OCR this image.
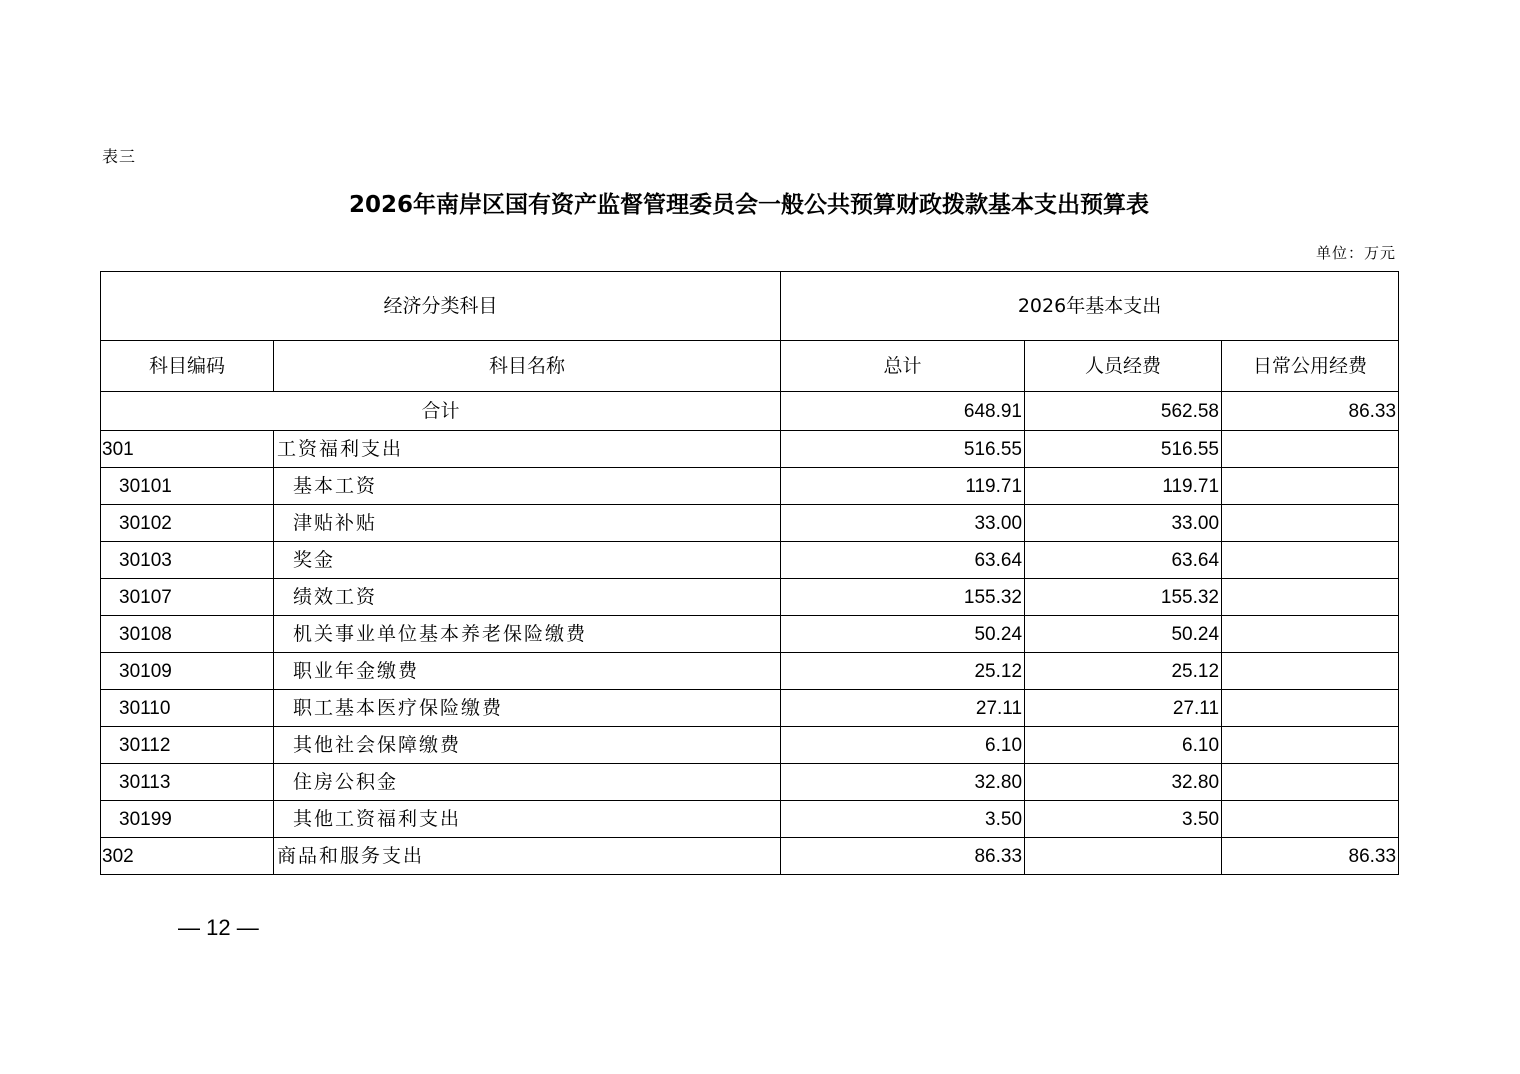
表三
2026年南岸区国有资产监督管理委员会一般公共预算财政拨款基本支出预算表
单位：万元
经济分类科目		2026年基本支出		
科目编码	科目名称	总计	人员经费	日常公用经费
合计		648.91	562.58	86.33
301	工资福利支出	516.55	516.55	
30101	基本工资	119.71	119.71	
30102	津贴补贴	33.00	33.00	
30103	奖金	63.64	63.64	
30107	绩效工资	155.32	155.32	
30108	机关事业单位基本养老保险缴费	50.24	50.24	
30109	职业年金缴费	25.12	25.12	
30110	职工基本医疗保险缴费	27.11	27.11	
30112	其他社会保障缴费	6.10	6.10	
30113	住房公积金	32.80	32.80	
30199	其他工资福利支出	3.50	3.50	
302	商品和服务支出	86.33		86.33
— 12 —
